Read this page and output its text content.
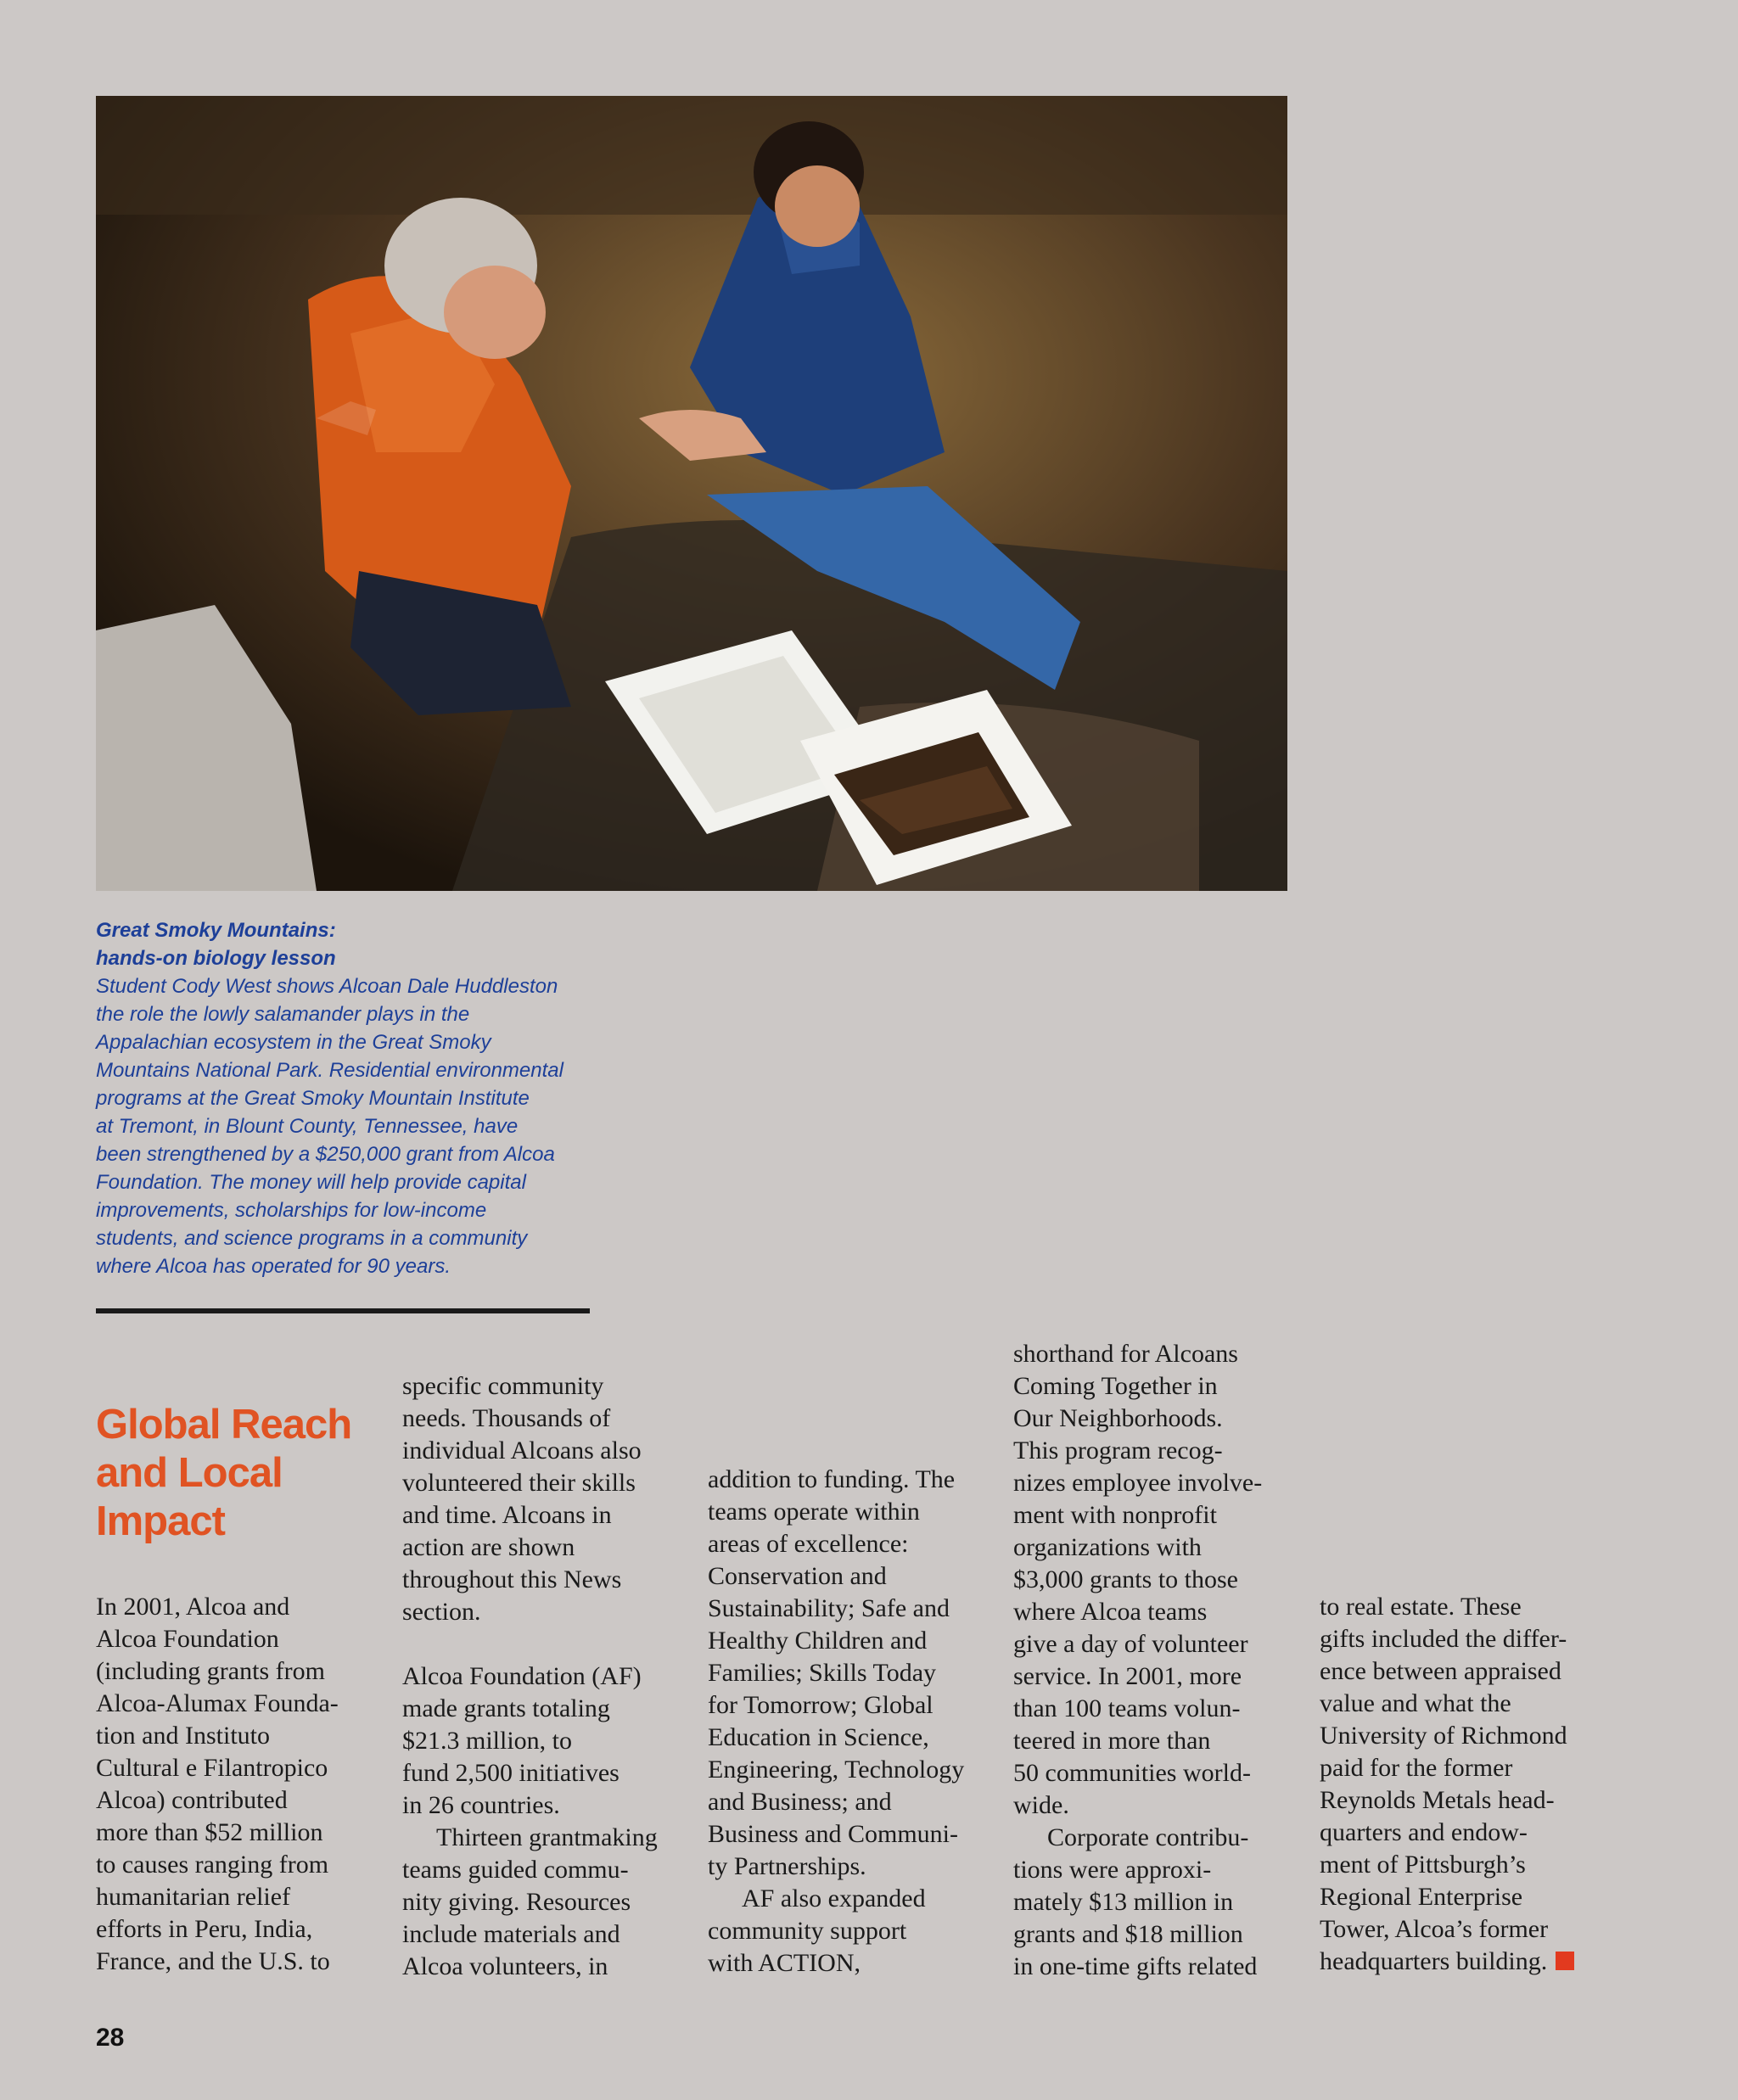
Great Smoky Mountains:
hands-on biology lesson
Student Cody West shows Alcoan Dale Huddleston
the role the lowly salamander plays in the
Appalachian ecosystem in the Great Smoky
Mountains National Park. Residential environmental
programs at the Great Smoky Mountain Institute
at Tremont, in Blount County, Tennessee, have
been strengthened by a $250,000 grant from Alcoa
Foundation. The money will help provide capital
improvements, scholarships for low-income
students, and science programs in a community
where Alcoa has operated for 90 years.
Global Reach
and Local
Impact
In 2001, Alcoa and
Alcoa Foundation
(including grants from
Alcoa-Alumax Founda-
tion and Instituto
Cultural e Filantropico
Alcoa) contributed
more than $52 million
to causes ranging from
humanitarian relief
efforts in Peru, India,
France, and the U.S. to
specific community
needs. Thousands of
individual Alcoans also
volunteered their skills
and time. Alcoans in
action are shown
throughout this News
section.
Alcoa Foundation (AF)
made grants totaling
$21.3 million, to
fund 2,500 initiatives
in 26 countries.
Thirteen grantmaking
teams guided commu-
nity giving. Resources
include materials and
Alcoa volunteers, in
addition to funding. The
teams operate within
areas of excellence:
Conservation and
Sustainability; Safe and
Healthy Children and
Families; Skills Today
for Tomorrow; Global
Education in Science,
Engineering, Technology
and Business; and
Business and Communi-
ty Partnerships.
AF also expanded
community support
with ACTION,
shorthand for Alcoans
Coming Together in
Our Neighborhoods.
This program recog-
nizes employee involve-
ment with nonprofit
organizations with
$3,000 grants to those
where Alcoa teams
give a day of volunteer
service. In 2001, more
than 100 teams volun-
teered in more than
50 communities world-
wide.
Corporate contribu-
tions were approxi-
mately $13 million in
grants and $18 million
in one-time gifts related
to real estate. These
gifts included the differ-
ence between appraised
value and what the
University of Richmond
paid for the former
Reynolds Metals head-
quarters and endow-
ment of Pittsburgh’s
Regional Enterprise
Tower, Alcoa’s former
headquarters building.
28
